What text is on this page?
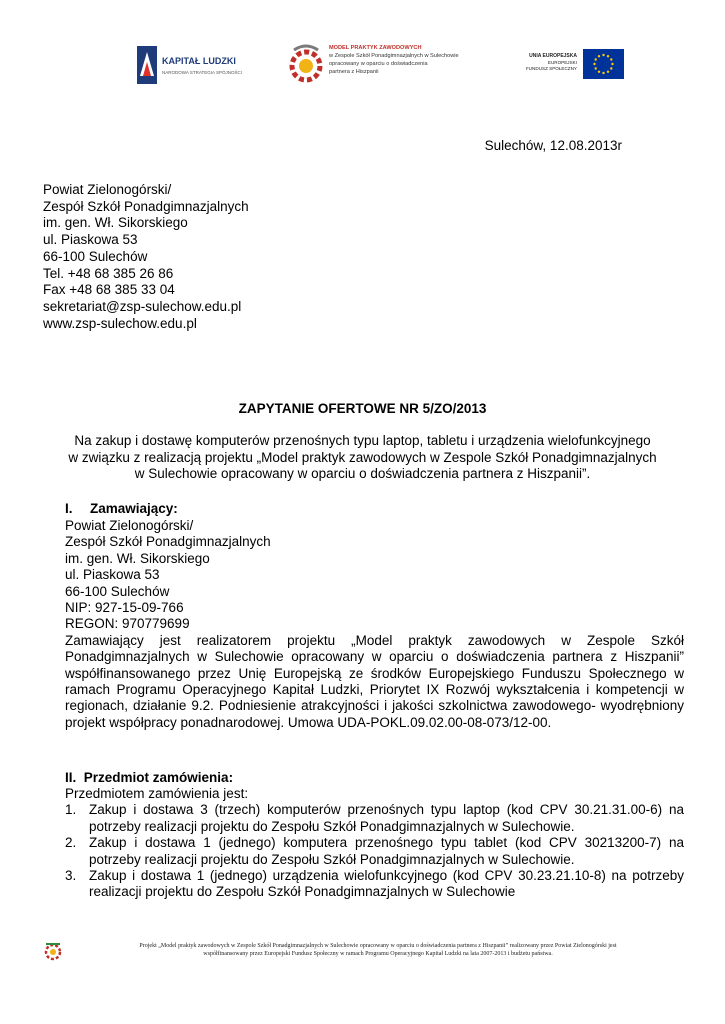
KAPITAŁ LUDZKI
NARODOWA STRATEGIA SPÓJNOŚCI
MODEL PRAKTYK ZAWODOWYCH
w Zespole Szkół Ponadgimnazjalnych w Sulechowie
opracowany w oparciu o doświadczenia
partnera z Hiszpanii
UNIA EUROPEJSKA
EUROPEJSKI
FUNDUSZ SPOŁECZNY
Sulechów, 12.08.2013r
Powiat Zielonogórski/
Zespół Szkół Ponadgimnazjalnych
im. gen. Wł. Sikorskiego
ul. Piaskowa 53
66-100 Sulechów
Tel. +48 68 385 26 86
Fax +48 68 385 33 04
sekretariat@zsp-sulechow.edu.pl
www.zsp-sulechow.edu.pl
ZAPYTANIE OFERTOWE NR 5/ZO/2013
Na zakup i dostawę komputerów przenośnych typu laptop, tabletu i urządzenia wielofunkcyjnego
w związku z realizacją projektu „Model praktyk zawodowych w Zespole Szkół Ponadgimnazjalnych
w Sulechowie opracowany w oparciu o doświadczenia partnera z Hiszpanii”.
I. Zamawiający:
Powiat Zielonogórski/
Zespół Szkół Ponadgimnazjalnych
im. gen. Wł. Sikorskiego
ul. Piaskowa 53
66-100 Sulechów
NIP: 927-15-09-766
REGON: 970779699
Zamawiający jest realizatorem projektu „Model praktyk zawodowych w Zespole Szkół Ponadgimnazjalnych w Sulechowie opracowany w oparciu o doświadczenia partnera z Hiszpanii” współfinansowanego przez Unię Europejską ze środków Europejskiego Funduszu Społecznego w ramach Programu Operacyjnego Kapitał Ludzki, Priorytet IX Rozwój wykształcenia i kompetencji w regionach, działanie 9.2. Podniesienie atrakcyjności i jakości szkolnictwa zawodowego- wyodrębniony projekt współpracy ponadnarodowej. Umowa UDA-POKL.09.02.00-08-073/12-00.
II. Przedmiot zamówienia:
Przedmiotem zamówienia jest:
1. Zakup i dostawa 3 (trzech) komputerów przenośnych typu laptop (kod CPV 30.21.31.00-6) na potrzeby realizacji projektu do Zespołu Szkół Ponadgimnazjalnych w Sulechowie.
2. Zakup i dostawa 1 (jednego) komputera przenośnego typu tablet (kod CPV 30213200-7) na potrzeby realizacji projektu do Zespołu Szkół Ponadgimnazjalnych w Sulechowie.
3. Zakup i dostawa 1 (jednego) urządzenia wielofunkcyjnego (kod CPV 30.23.21.10-8) na potrzeby realizacji projektu do Zespołu Szkół Ponadgimnazjalnych w Sulechowie
Projekt „Model praktyk zawodowych w Zespole Szkół Ponadgimnazjalnych w Sulechowie opracowany w oparciu o doświadczenia partnera z Hiszpanii” realizowany przez Powiat Zielonogórski jest
współfinansowany przez Europejski Fundusz Społeczny w ramach Programu Operacyjnego Kapitał Ludzki na lata 2007-2013 i budżetu państwa.
